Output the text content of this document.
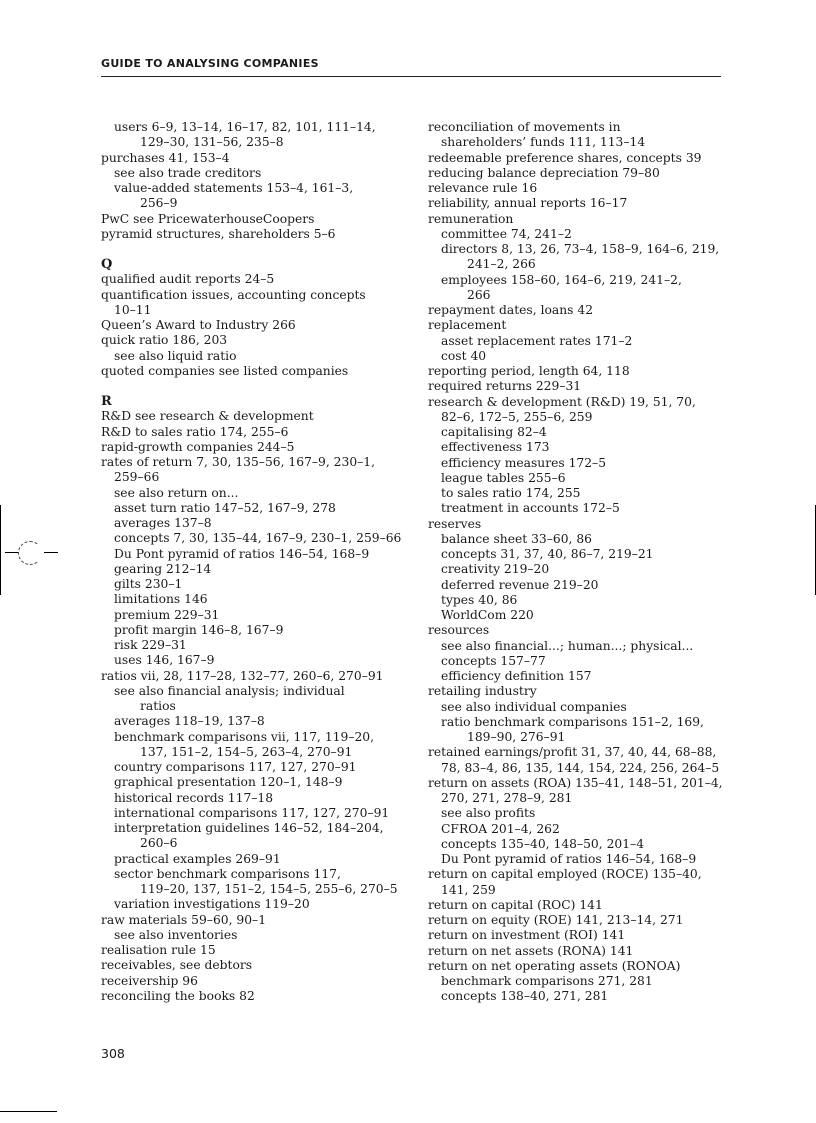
GUIDE TO ANALYSING COMPANIES
users 6–9, 13–14, 16–17, 82, 101, 111–14,
129–30, 131–56, 235–8
purchases 41, 153–4
see also trade creditors
value-added statements 153–4, 161–3,
256–9
PwC see PricewaterhouseCoopers
pyramid structures, shareholders 5–6
Q
qualified audit reports 24–5
quantification issues, accounting concepts
10–11
Queen’s Award to Industry 266
quick ratio 186, 203
see also liquid ratio
quoted companies see listed companies
R
R&D see research & development
R&D to sales ratio 174, 255–6
rapid-growth companies 244–5
rates of return 7, 30, 135–56, 167–9, 230–1,
259–66
see also return on...
asset turn ratio 147–52, 167–9, 278
averages 137–8
concepts 7, 30, 135–44, 167–9, 230–1, 259–66
Du Pont pyramid of ratios 146–54, 168–9
gearing 212–14
gilts 230–1
limitations 146
premium 229–31
profit margin 146–8, 167–9
risk 229–31
uses 146, 167–9
ratios vii, 28, 117–28, 132–77, 260–6, 270–91
see also financial analysis; individual
ratios
averages 118–19, 137–8
benchmark comparisons vii, 117, 119–20,
137, 151–2, 154–5, 263–4, 270–91
country comparisons 117, 127, 270–91
graphical presentation 120–1, 148–9
historical records 117–18
international comparisons 117, 127, 270–91
interpretation guidelines 146–52, 184–204,
260–6
practical examples 269–91
sector benchmark comparisons 117,
119–20, 137, 151–2, 154–5, 255–6, 270–5
variation investigations 119–20
raw materials 59–60, 90–1
see also inventories
realisation rule 15
receivables, see debtors
receivership 96
reconciling the books 82
reconciliation of movements in
shareholders’ funds 111, 113–14
redeemable preference shares, concepts 39
reducing balance depreciation 79–80
relevance rule 16
reliability, annual reports 16–17
remuneration
committee 74, 241–2
directors 8, 13, 26, 73–4, 158–9, 164–6, 219,
241–2, 266
employees 158–60, 164–6, 219, 241–2,
266
repayment dates, loans 42
replacement
asset replacement rates 171–2
cost 40
reporting period, length 64, 118
required returns 229–31
research & development (R&D) 19, 51, 70,
82–6, 172–5, 255–6, 259
capitalising 82–4
effectiveness 173
efficiency measures 172–5
league tables 255–6
to sales ratio 174, 255
treatment in accounts 172–5
reserves
balance sheet 33–60, 86
concepts 31, 37, 40, 86–7, 219–21
creativity 219–20
deferred revenue 219–20
types 40, 86
WorldCom 220
resources
see also financial...; human...; physical...
concepts 157–77
efficiency definition 157
retailing industry
see also individual companies
ratio benchmark comparisons 151–2, 169,
189–90, 276–91
retained earnings/profit 31, 37, 40, 44, 68–88,
78, 83–4, 86, 135, 144, 154, 224, 256, 264–5
return on assets (ROA) 135–41, 148–51, 201–4,
270, 271, 278–9, 281
see also profits
CFROA 201–4, 262
concepts 135–40, 148–50, 201–4
Du Pont pyramid of ratios 146–54, 168–9
return on capital employed (ROCE) 135–40,
141, 259
return on capital (ROC) 141
return on equity (ROE) 141, 213–14, 271
return on investment (ROI) 141
return on net assets (RONA) 141
return on net operating assets (RONOA)
benchmark comparisons 271, 281
concepts 138–40, 271, 281
308
